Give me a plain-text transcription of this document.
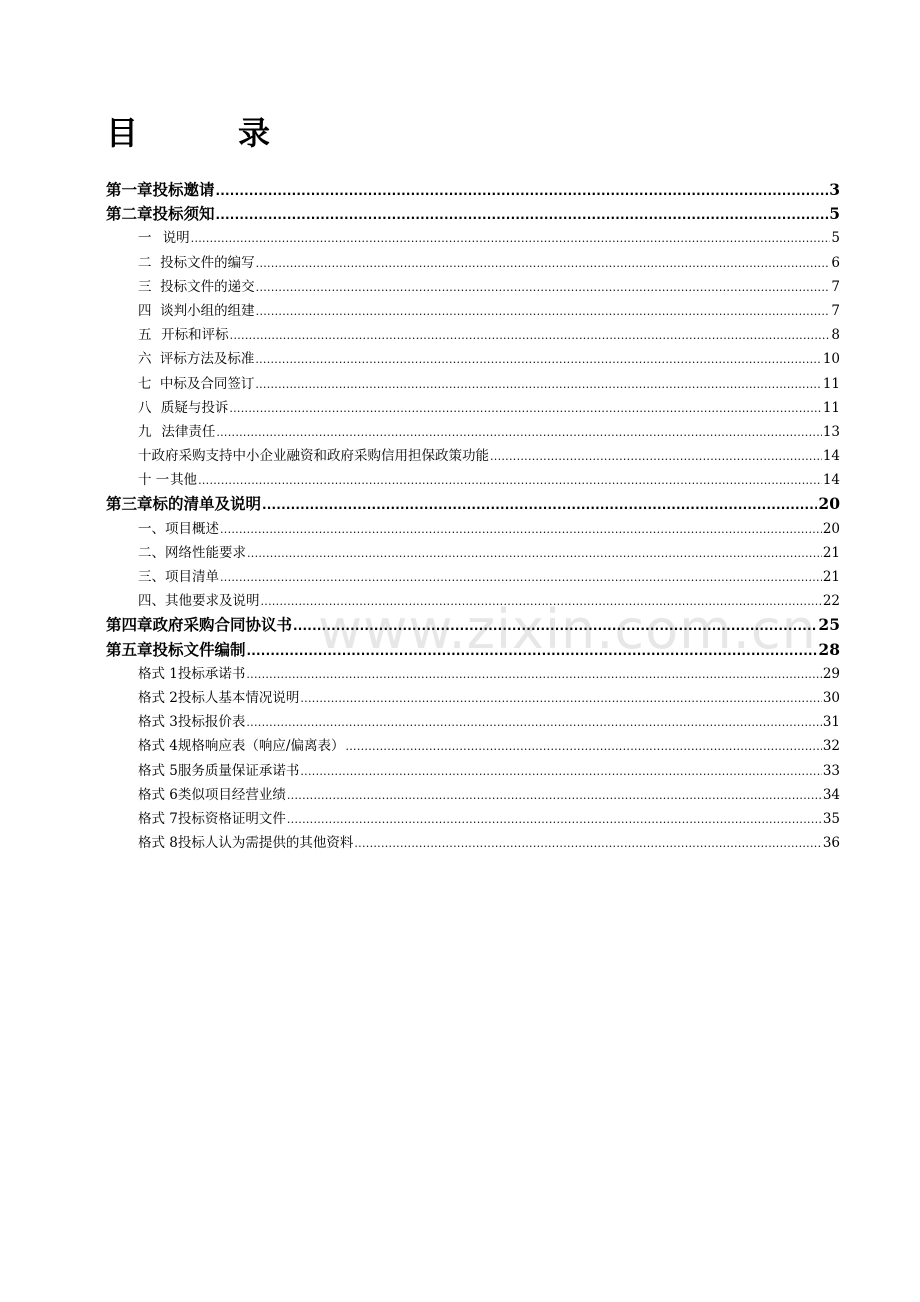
目	录
第一章 投标邀请 .....	3
第二章 投标须知 .....	5
一 说明 .....	5
二 投标文件的编写 .....	6
三 投标文件的递交 .....	7
四 谈判小组的组建 .....	7
五 开标和评标 .....	8
六 评标方法及标准 .....	10
七 中标及合同签订 .....	11
八 质疑与投诉 .....	11
九 法律责任 .....	13
十 政府采购支持中小企业融资和政府采购信用担保政策功能 .....	14
十 一 其他 .....	14
第三章 标的清单及说明 .....	20
一、项目概述 .....	20
二、网络性能要求 .....	21
三、项目清单 .....	21
四、其他要求及说明 .....	22
第四章 政府采购合同协议书 .....	25
第五章 投标文件编制 .....	28
格式 1 投标承诺书 .....	29
格式 2 投标人基本情况说明 .....	30
格式 3 投标报价表 .....	31
格式 4 规格响应表（响应/偏离表） .....	32
格式 5 服务质量保证承诺书 .....	33
格式 6 类似项目经营业绩 .....	34
格式 7 投标资格证明文件 .....	35
格式 8 投标人认为需提供的其他资料 .....	36
www.zixin.com.cn
